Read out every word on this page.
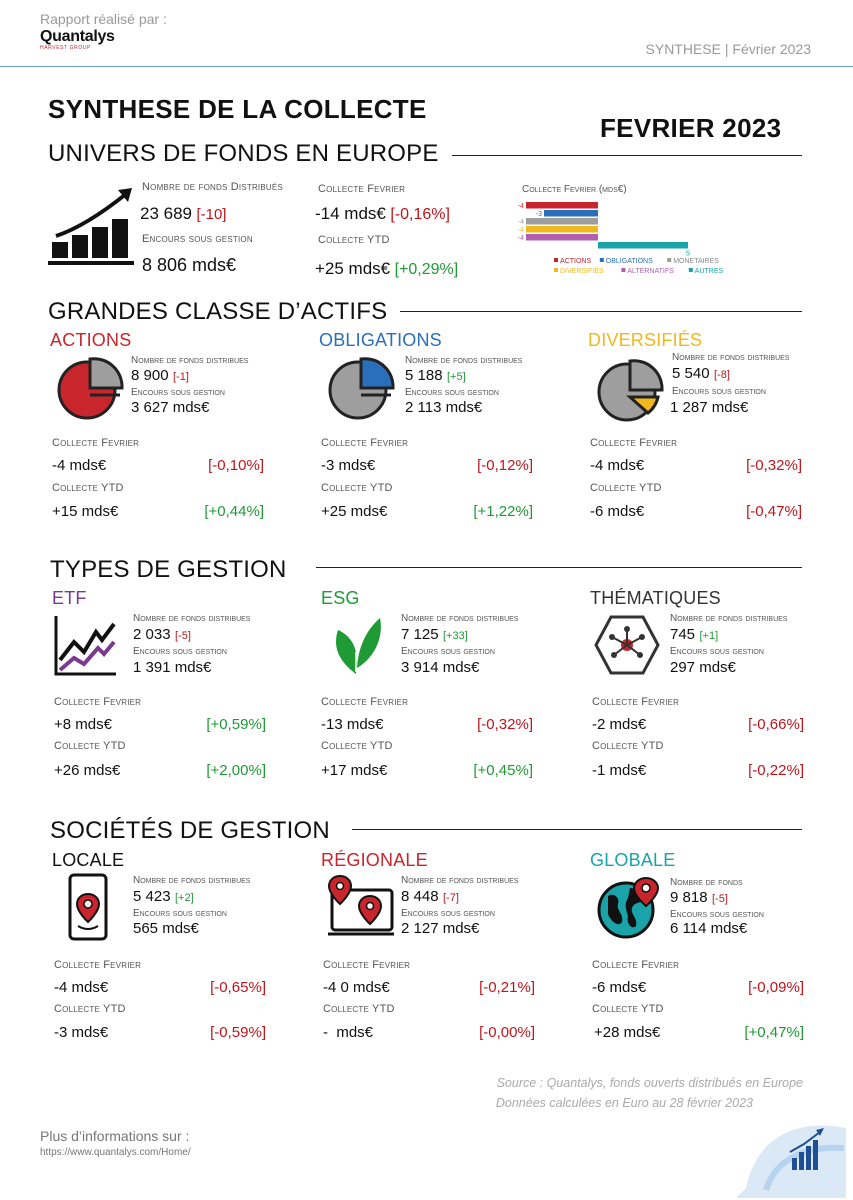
Rapport réalisé par :
Quantalys
HARVEST GROUP	SYNTHESE | Février 2023
SYNTHESE DE LA COLLECTE
FEVRIER 2023
UNIVERS DE FONDS EN EUROPE
Nombre de fonds Distribués
23 689 [-10]
Encours sous gestion
8 806 mds€
Collecte Fevrier
-14 mds€ [-0,16%]
Collecte YTD
+25 mds€ [+0,29%]
Collecte Fevrier (mds€)
-4
-3
-4
-4
-4
5
ACTIONS OBLIGATIONS	MONETAIRES
DIVERSIFIÉS	ALTERNATIFS	AUTRES
GRANDES CLASSE D’ACTIFS
ACTIONS
Nombre de fonds distribues
8 900 [-1]
Encours sous gestion
3 627 mds€
Collecte Fevrier
-4 mds€	[-0,10%]
Collecte YTD
+15 mds€	[+0,44%]
OBLIGATIONS
Nombre de fonds distribues
5 188 [+5]
Encours sous gestion
2 113 mds€
Collecte Fevrier
-3 mds€	[-0,12%]
Collecte YTD
+25 mds€	[+1,22%]
DIVERSIFIÉS
Nombre de fonds distribues
5 540 [-8]
Encours sous gestion
1 287 mds€
Collecte Fevrier
-4 mds€	[-0,32%]
Collecte YTD
-6 mds€	[-0,47%]
TYPES DE GESTION
ETF
Nombre de fonds distribues
2 033 [-5]
Encours sous gestion
1 391 mds€
Collecte Fevrier
+8 mds€	[+0,59%]
Collecte YTD
+26 mds€	[+2,00%]
ESG
Nombre de fonds distribues
7 125 [+33]
Encours sous gestion
3 914 mds€
Collecte Fevrier
-13 mds€	[-0,32%]
Collecte YTD
+17 mds€	[+0,45%]
THÉMATIQUES
Nombre de fonds distribues
745 [+1]
Encours sous gestion
297 mds€
Collecte Fevrier
-2 mds€	[-0,66%]
Collecte YTD
-1 mds€	[-0,22%]
SOCIÉTÉS DE GESTION
LOCALE
Nombre de fonds distribues
5 423 [+2]
Encours sous gestion
565 mds€
Collecte Fevrier
-4 mds€	[-0,65%]
Collecte YTD
-3 mds€	[-0,59%]
RÉGIONALE
Nombre de fonds distribues
8 448 [-7]
Encours sous gestion
2 127 mds€
Collecte Fevrier
-4 0 mds€	[-0,21%]
Collecte YTD
-  mds€	[-0,00%]
GLOBALE
Nombre de fonds
9 818 [-5]
Encours sous gestion
6 114 mds€
Collecte Fevrier
-6 mds€	[-0,09%]
Collecte YTD
+28 mds€	[+0,47%]
Source : Quantalys, fonds ouverts distribués en Europe
Données calculées en Euro au 28 février 2023
Plus d’informations sur :
https://www.quantalys.com/Home/
